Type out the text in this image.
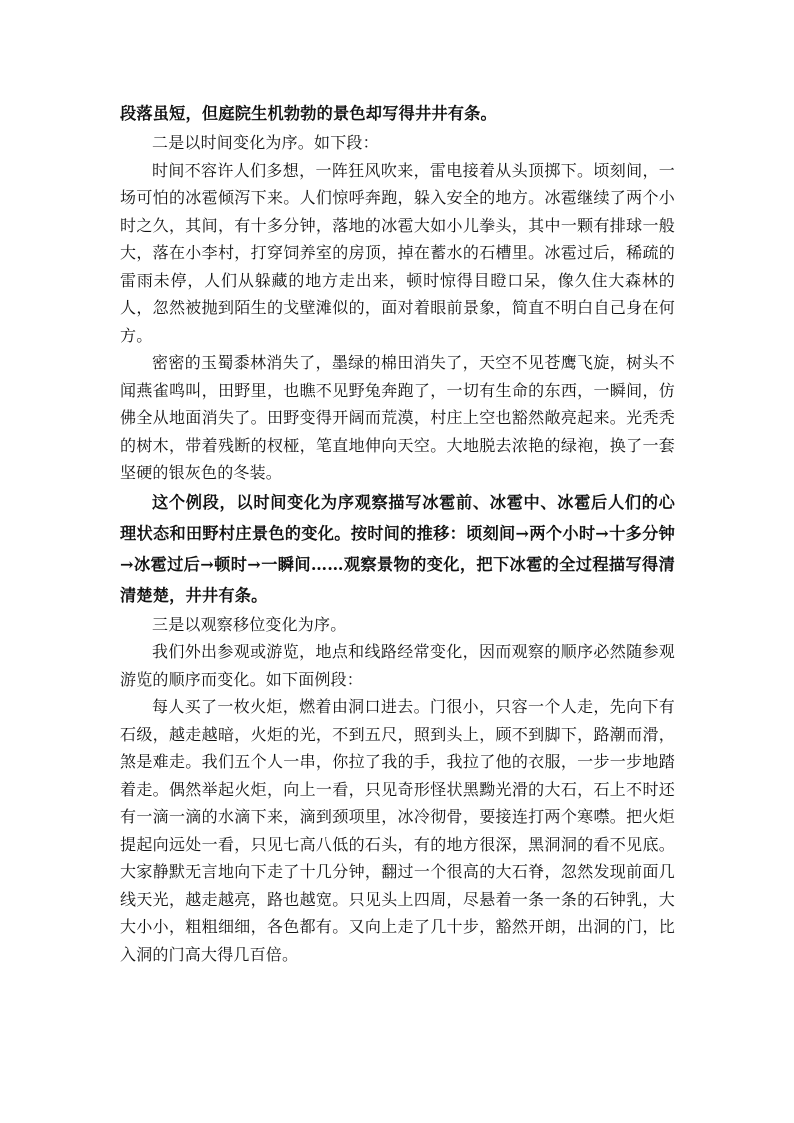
段落虽短，但庭院生机勃勃的景色却写得井井有条。

二是以时间变化为序。如下段：

时间不容许人们多想，一阵狂风吹来，雷电接着从头顶掷下。顷刻间，一场可怕的冰雹倾泻下来。人们惊呼奔跑，躲入安全的地方。冰雹继续了两个小时之久，其间，有十多分钟，落地的冰雹大如小儿拳头，其中一颗有排球一般大，落在小李村，打穿饲养室的房顶，掉在蓄水的石槽里。冰雹过后，稀疏的雷雨未停，人们从躲藏的地方走出来，顿时惊得目瞪口呆，像久住大森林的人，忽然被抛到陌生的戈壁滩似的，面对着眼前景象，简直不明白自己身在何方。

密密的玉蜀黍林消失了，墨绿的棉田消失了，天空不见苍鹰飞旋，树头不闻燕雀鸣叫，田野里，也瞧不见野兔奔跑了，一切有生命的东西，一瞬间，仿佛全从地面消失了。田野变得开阔而荒漠，村庄上空也豁然敞亮起来。光秃秃的树木，带着残断的杈桠，笔直地伸向天空。大地脱去浓艳的绿袍，换了一套坚硬的银灰色的冬装。

这个例段，以时间变化为序观察描写冰雹前、冰雹中、冰雹后人们的心理状态和田野村庄景色的变化。按时间的推移：顷刻间→两个小时→十多分钟→冰雹过后→顿时→一瞬间……观察景物的变化，把下冰雹的全过程描写得清清楚楚，井井有条。

三是以观察移位变化为序。

我们外出参观或游览，地点和线路经常变化，因而观察的顺序必然随参观游览的顺序而变化。如下面例段：

每人买了一枚火炬，燃着由洞口进去。门很小，只容一个人走，先向下有石级，越走越暗，火炬的光，不到五尺，照到头上，顾不到脚下，路潮而滑，煞是难走。我们五个人一串，你拉了我的手，我拉了他的衣服，一步一步地踏着走。偶然举起火炬，向上一看，只见奇形怪状黑黝光滑的大石，石上不时还有一滴一滴的水滴下来，滴到颈项里，冰冷彻骨，要接连打两个寒噤。把火炬提起向远处一看，只见七高八低的石头，有的地方很深，黑洞洞的看不见底。大家静默无言地向下走了十几分钟，翻过一个很高的大石脊，忽然发现前面几线天光，越走越亮，路也越宽。只见头上四周，尽悬着一条一条的石钟乳，大大小小，粗粗细细，各色都有。又向上走了几十步，豁然开朗，出洞的门，比入洞的门高大得几百倍。
